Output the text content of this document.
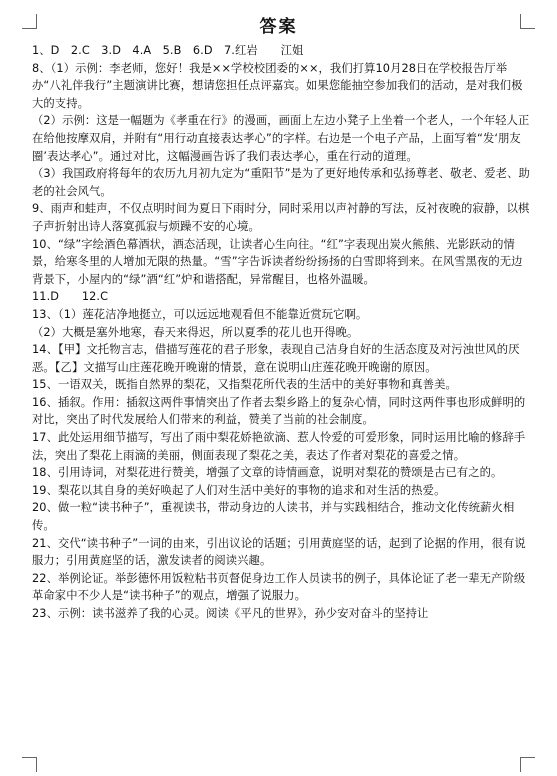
答案

1、D　2.C　3.D　4.A　5.B　6.D　7.红岩　　江姐

8、（1）示例：李老师，您好！我是××学校校团委的××，我们打算10月28日在学校报告厅举办“八礼伴我行”主题演讲比赛，想请您担任点评嘉宾。如果您能抽空参加我们的活动，是对我们极大的支持。

（2）示例：这是一幅题为《孝重在行》的漫画，画面上左边小凳子上坐着一个老人，一个年轻人正在给他按摩双肩，并附有“用行动直接表达孝心”的字样。右边是一个电子产品，上面写着“发‘朋友圈’表达孝心”。通过对比，这幅漫画告诉了我们表达孝心，重在行动的道理。

（3）我国政府将每年的农历九月初九定为“重阳节”是为了更好地传承和弘扬尊老、敬老、爱老、助老的社会风气。

9、雨声和蛙声，不仅点明时间为夏日下雨时分，同时采用以声衬静的写法，反衬夜晚的寂静，以棋子声折射出诗人落寞孤寂与烦躁不安的心境。

10、“绿”字绘酒色幕酒状，酒态活现，让读者心生向往。“红”字表现出炭火熊熊、光影跃动的情景，给寒冬里的人增加无限的热量。“雪”字告诉读者纷纷扬扬的白雪即将到来。在风雪黑夜的无边背景下，小屋内的“绿”酒“红”炉和谐搭配，异常醒目，也格外温暖。

11.D　　12.C

13、（1）莲花洁净地挺立，可以远远地观看但不能靠近赏玩它啊。

（2）大概是塞外地寒，春天来得迟，所以夏季的花儿也开得晚。

14、【甲】文托物言志，借描写莲花的君子形象，表现自己洁身自好的生活态度及对污浊世风的厌恶。【乙】文描写山庄莲花晚开晚谢的情景，意在说明山庄莲花晚开晚谢的原因。

15、一语双关，既指自然界的梨花，又指梨花所代表的生活中的美好事物和真善美。

16、插叙。作用：插叙这两件事情突出了作者去梨乡路上的复杂心情，同时这两件事也形成鲜明的对比，突出了时代发展给人们带来的利益，赞美了当前的社会制度。

17、此处运用细节描写，写出了雨中梨花娇艳欲滴、惹人怜爱的可爱形象，同时运用比喻的修辞手法，突出了梨花上雨滴的美丽，侧面表现了梨花之美，表达了作者对梨花的喜爱之情。

18、引用诗词，对梨花进行赞美，增强了文章的诗情画意，说明对梨花的赞颂是古已有之的。

19、梨花以其自身的美好唤起了人们对生活中美好的事物的追求和对生活的热爱。

20、做一粒“读书种子”，重视读书，带动身边的人读书，并与实践相结合，推动文化传统薪火相传。

21、交代“读书种子”一词的由来，引出议论的话题；引用黄庭坚的话，起到了论据的作用，很有说服力；引用黄庭坚的话，激发读者的阅读兴趣。

22、举例论证。举彭德怀用饭粒粘书页督促身边工作人员读书的例子，具体论证了老一辈无产阶级革命家中不少人是“读书种子”的观点，增强了说服力。

23、示例：读书滋养了我的心灵。阅读《平凡的世界》，孙少安对奋斗的坚持让
